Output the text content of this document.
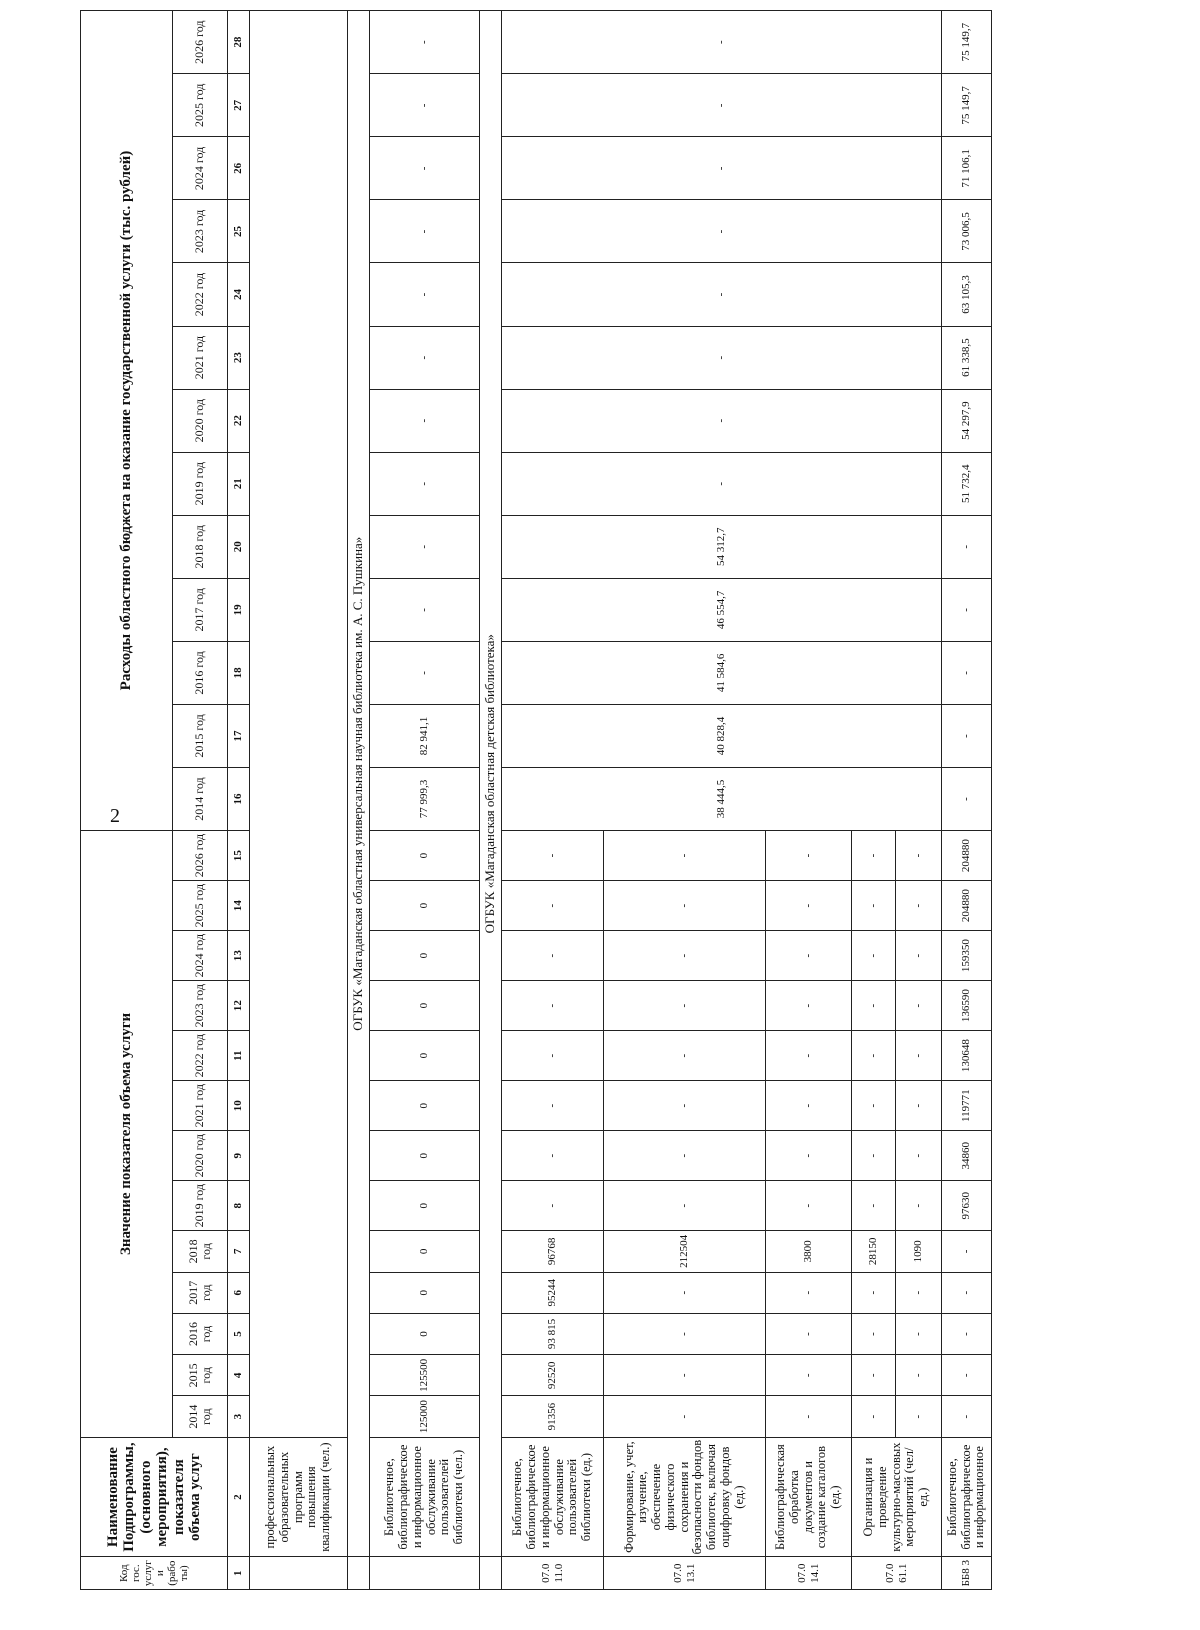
2
Код гос. услуги (работы)	Наименование Подпрограммы, (основного мероприятия), показателя объема услуг	Значение показателя объема услуги													Расходы областного бюджета на оказание государственной услуги (тыс. рублей)												
		2014 год	2015 год	2016 год	2017 год	2018 год	2019 год	2020 год	2021 год	2022 год	2023 год	2024 год	2025 год	2026 год	2014 год	2015 год	2016 год	2017 год	2018 год	2019 год	2020 год	2021 год	2022 год	2023 год	2024 год	2025 год	2026 год
1	2	3	4	5	6	7	8	9	10	11	12	13	14	15	16	17	18	19	20	21	22	23	24	25	26	27	28
	профессиональных образовательных программ повышения квалификации (чел.)																										
	ОГБУК «Магаданская областная универсальная научная библиотека им. А. С. Пушкина»																										
	Библиотечное, библиографическое и информационное обслуживание пользователей библиотеки (чел.)	125000	125500	0	0	0	0	0	0	0	0	0	0	0	77 999,3	82 941,1	-	-	-	-	-	-	-	-	-	-	-
	ОГБУК «Магаданская областная детская библиотека»																										
07.0 11.0	Библиотечное, библиографическое и информационное обслуживание пользователей библиотеки (ед.)	91356	92520	93 815	95244	96768	-	-	-	-	-	-	-	-	38 444,5	40 828,4	41 584,6	46 554,7	54 312,7	-	-	-	-	-	-	-	-
07.0 13.1	Формирование, учет, изучение, обеспечение физического сохранения и безопасности фондов библиотек, включая оцифровку фондов (ед.)	-	-	-	-	212504	-	-	-	-	-	-	-	-													
07.0 14.1	Библиографическая обработка документов и создание каталогов (ед.)	-	-	-	-	3800	-	-	-	-	-	-	-	-													
07.0 61.1	Организация и проведение культурно-массовых мероприятий (чел/ед.)	-	-	-	-	28150	-	-	-	-	-	-	-	-													
		-	-	-	-	1090	-	-	-	-	-	-	-	-													
ББ8 3	Библиотечное, библиографическое и информационное	-	-	-	-	-	97630	34860	119771	130648	136590	159350	204880	204880	-	-	-	-	-	51 732,4	54 297,9	61 338,5	63 105,3	73 006,5	71 106,1	75 149,7	75 149,7
